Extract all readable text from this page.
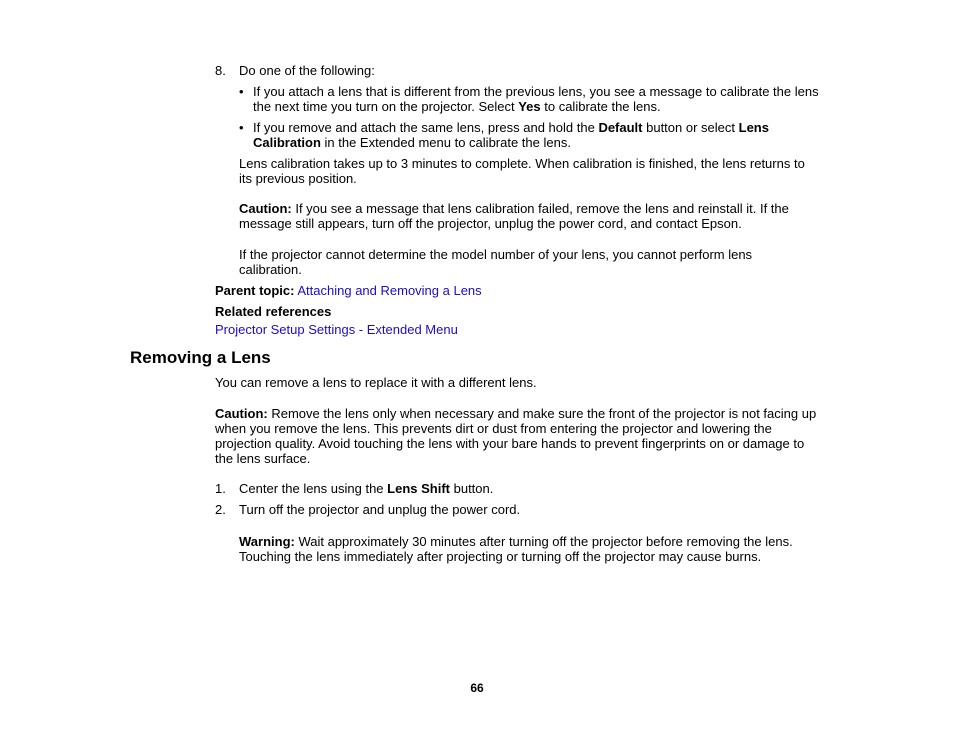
8. Do one of the following:

• If you attach a lens that is different from the previous lens, you see a message to calibrate the lens the next time you turn on the projector. Select Yes to calibrate the lens.

• If you remove and attach the same lens, press and hold the Default button or select Lens Calibration in the Extended menu to calibrate the lens.

Lens calibration takes up to 3 minutes to complete. When calibration is finished, the lens returns to its previous position.

Caution: If you see a message that lens calibration failed, remove the lens and reinstall it. If the message still appears, turn off the projector, unplug the power cord, and contact Epson.

If the projector cannot determine the model number of your lens, you cannot perform lens calibration.

Parent topic: Attaching and Removing a Lens

Related references

Projector Setup Settings - Extended Menu

Removing a Lens

You can remove a lens to replace it with a different lens.

Caution: Remove the lens only when necessary and make sure the front of the projector is not facing up when you remove the lens. This prevents dirt or dust from entering the projector and lowering the projection quality. Avoid touching the lens with your bare hands to prevent fingerprints on or damage to the lens surface.

1. Center the lens using the Lens Shift button.

2. Turn off the projector and unplug the power cord.

Warning: Wait approximately 30 minutes after turning off the projector before removing the lens. Touching the lens immediately after projecting or turning off the projector may cause burns.

66
